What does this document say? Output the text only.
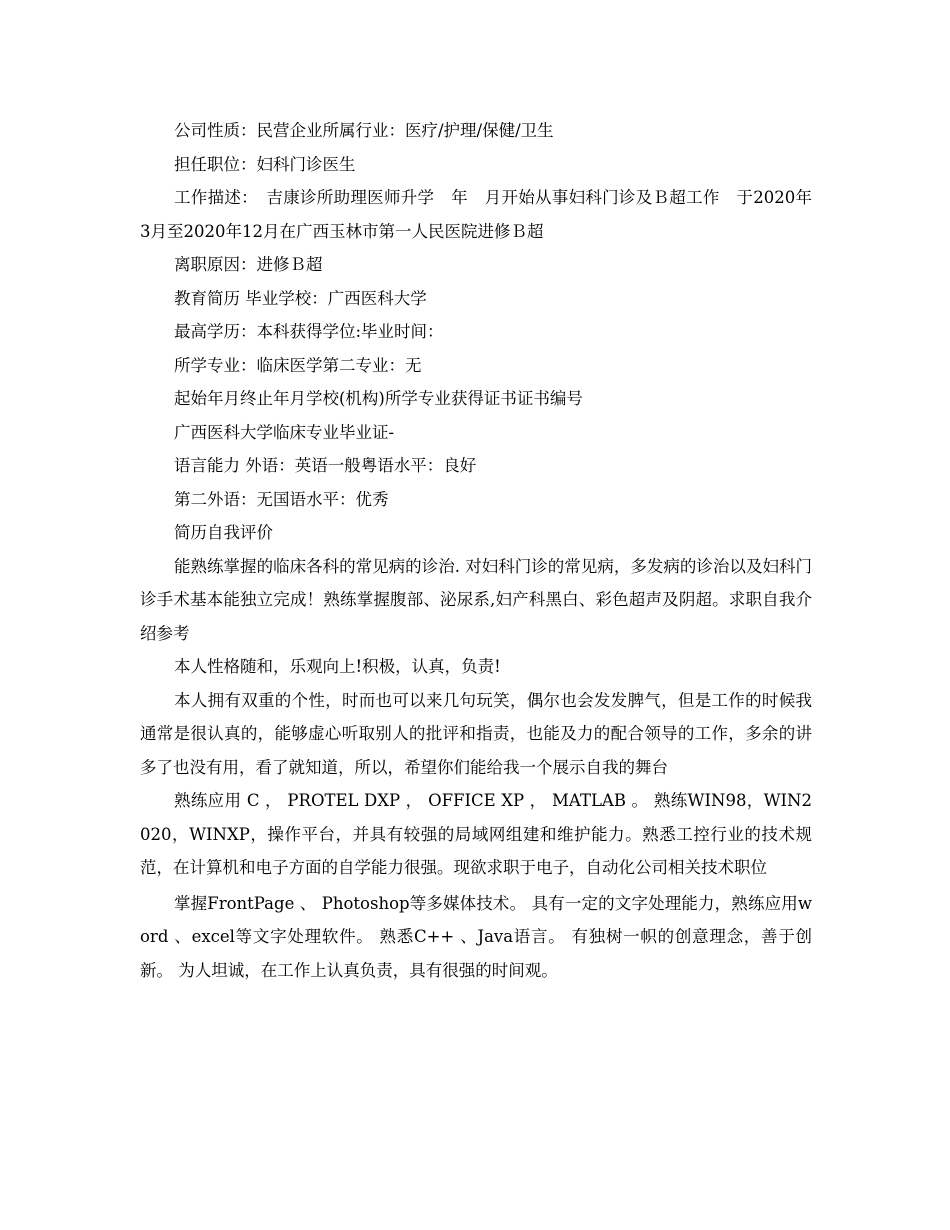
公司性质：民营企业所属行业：医疗/护理/保健/卫生

担任职位：妇科门诊医生

工作描述：　吉康诊所助理医师升学　年　月开始从事妇科门诊及Ｂ超工作　于2020年3月至2020年12月在广西玉林市第一人民医院进修Ｂ超

离职原因：进修Ｂ超

教育简历 毕业学校：广西医科大学

最高学历：本科获得学位:毕业时间：

所学专业：临床医学第二专业：无

起始年月终止年月学校(机构)所学专业获得证书证书编号

广西医科大学临床专业毕业证-

语言能力 外语：英语一般粤语水平：良好

第二外语：无国语水平：优秀

简历自我评价

能熟练掌握的临床各科的常见病的诊治. 对妇科门诊的常见病，多发病的诊治以及妇科门诊手术基本能独立完成！熟练掌握腹部、泌尿系,妇产科黑白、彩色超声及阴超。求职自我介绍参考

本人性格随和，乐观向上!积极，认真，负责!

本人拥有双重的个性，时而也可以来几句玩笑，偶尔也会发发脾气，但是工作的时候我通常是很认真的，能够虚心听取别人的批评和指责，也能及力的配合领导的工作，多余的讲多了也没有用，看了就知道，所以，希望你们能给我一个展示自我的舞台

熟练应用 C ， PROTEL DXP ， OFFICE XP ， MATLAB 。 熟练WIN98，WIN2020，WINXP，操作平台，并具有较强的局域网组建和维护能力。熟悉工控行业的技术规范，在计算机和电子方面的自学能力很强。现欲求职于电子，自动化公司相关技术职位

掌握FrontPage 、 Photoshop等多媒体技术。 具有一定的文字处理能力，熟练应用word 、excel等文字处理软件。 熟悉C++ 、Java语言。 有独树一帜的创意理念，善于创新。 为人坦诚，在工作上认真负责，具有很强的时间观。
